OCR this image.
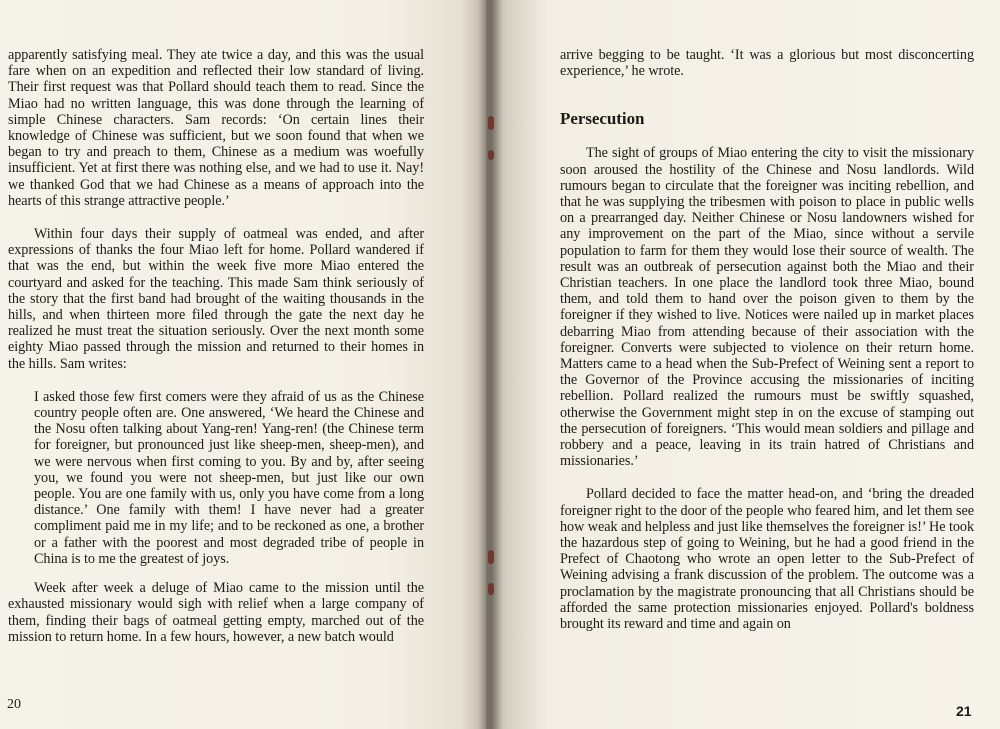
apparently satisfying meal. They ate twice a day, and this was the usual fare when on an expedition and reflected their low standard of living. Their first request was that Pollard should teach them to read. Since the Miao had no written language, this was done through the learning of simple Chinese characters. Sam records: ‘On certain lines their knowledge of Chinese was sufficient, but we soon found that when we began to try and preach to them, Chinese as a medium was woefully insufficient. Yet at first there was nothing else, and we had to use it. Nay! we thanked God that we had Chinese as a means of approach into the hearts of this strange attractive people.’

Within four days their supply of oatmeal was ended, and after expressions of thanks the four Miao left for home. Pollard wandered if that was the end, but within the week five more Miao entered the courtyard and asked for the teaching. This made Sam think seriously of the story that the first band had brought of the waiting thousands in the hills, and when thirteen more filed through the gate the next day he realized he must treat the situation seriously. Over the next month some eighty Miao passed through the mission and returned to their homes in the hills. Sam writes:

I asked those few first comers were they afraid of us as the Chinese country people often are. One answered, ‘We heard the Chinese and the Nosu often talking about Yang-ren! Yang-ren! (the Chinese term for foreigner, but pronounced just like sheep-men, sheep-men), and we were nervous when first coming to you. By and by, after seeing you, we found you were not sheep-men, but just like our own people. You are one family with us, only you have come from a long distance.’ One family with them! I have never had a greater compliment paid me in my life; and to be reckoned as one, a brother or a father with the poorest and most degraded tribe of people in China is to me the greatest of joys.

Week after week a deluge of Miao came to the mission until the exhausted missionary would sigh with relief when a large company of them, finding their bags of oatmeal getting empty, marched out of the mission to return home. In a few hours, however, a new batch would

20

arrive begging to be taught. ‘It was a glorious but most disconcerting experience,’ he wrote.

Persecution

The sight of groups of Miao entering the city to visit the missionary soon aroused the hostility of the Chinese and Nosu landlords. Wild rumours began to circulate that the foreigner was inciting rebellion, and that he was supplying the tribesmen with poison to place in public wells on a prearranged day. Neither Chinese or Nosu landowners wished for any improvement on the part of the Miao, since without a servile population to farm for them they would lose their source of wealth. The result was an outbreak of persecution against both the Miao and their Christian teachers. In one place the landlord took three Miao, bound them, and told them to hand over the poison given to them by the foreigner if they wished to live. Notices were nailed up in market places debarring Miao from attending because of their association with the foreigner. Converts were subjected to violence on their return home. Matters came to a head when the Sub-Prefect of Weining sent a report to the Governor of the Province accusing the missionaries of inciting rebellion. Pollard realized the rumours must be swiftly squashed, otherwise the Government might step in on the excuse of stamping out the persecution of foreigners. ‘This would mean soldiers and pillage and robbery and a peace, leaving in its train hatred of Christians and missionaries.’

Pollard decided to face the matter head-on, and ‘bring the dreaded foreigner right to the door of the people who feared him, and let them see how weak and helpless and just like themselves the foreigner is!’ He took the hazardous step of going to Weining, but he had a good friend in the Prefect of Chaotong who wrote an open letter to the Sub-Prefect of Weining advising a frank discussion of the problem. The outcome was a proclamation by the magistrate pronouncing that all Christians should be afforded the same protection missionaries enjoyed. Pollard's boldness brought its reward and time and again on

21
